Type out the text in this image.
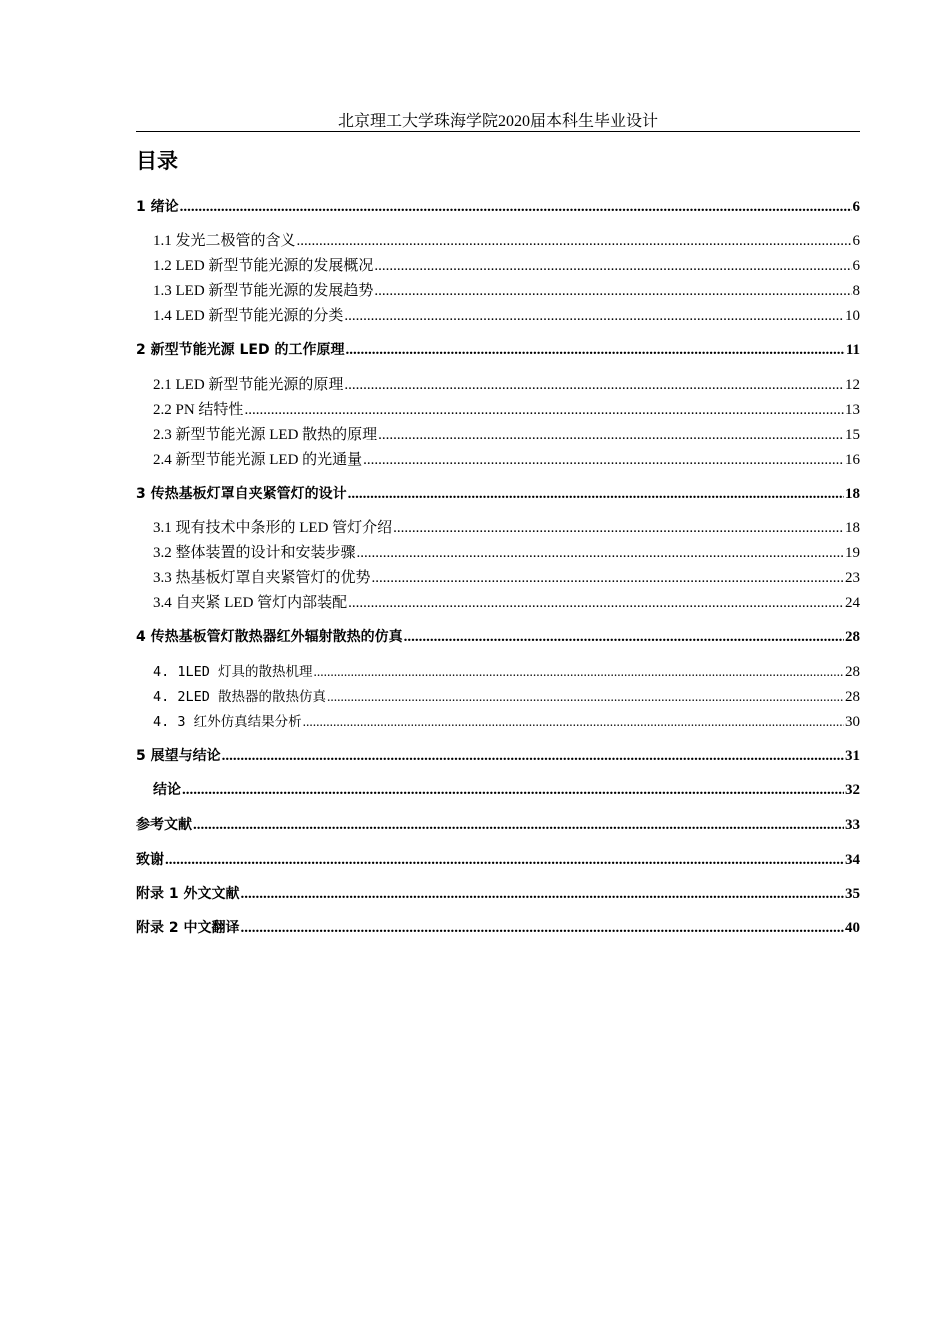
北京理工大学珠海学院2020届本科生毕业设计
目录
1 绪论 .....	6
1.1 发光二极管的含义 .....	6
1.2 LED 新型节能光源的发展概况 .....	6
1.3 LED 新型节能光源的发展趋势 .....	8
1.4 LED 新型节能光源的分类 .....	10
2 新型节能光源 LED 的工作原理 .....	11
2.1 LED 新型节能光源的原理 .....	12
2.2 PN 结特性 .....	13
2.3 新型节能光源 LED 散热的原理 .....	15
2.4 新型节能光源 LED 的光通量 .....	16
3 传热基板灯罩自夹紧管灯的设计 .....	18
3.1 现有技术中条形的 LED 管灯介绍 .....	18
3.2 整体装置的设计和安装步骤 .....	19
3.3 热基板灯罩自夹紧管灯的优势 .....	23
3.4 自夹紧 LED 管灯内部装配 .....	24
4 传热基板管灯散热器红外辐射散热的仿真 .....	28
4. 1LED 灯具的散热机理 .....	28
4. 2LED 散热器的散热仿真 .....	28
4. 3 红外仿真结果分析 .....	30
5 展望与结论 .....	31
结论 .....	32
参考文献 .....	33
致谢 .....	34
附录 1 外文文献 .....	35
附录 2 中文翻译 .....	40
